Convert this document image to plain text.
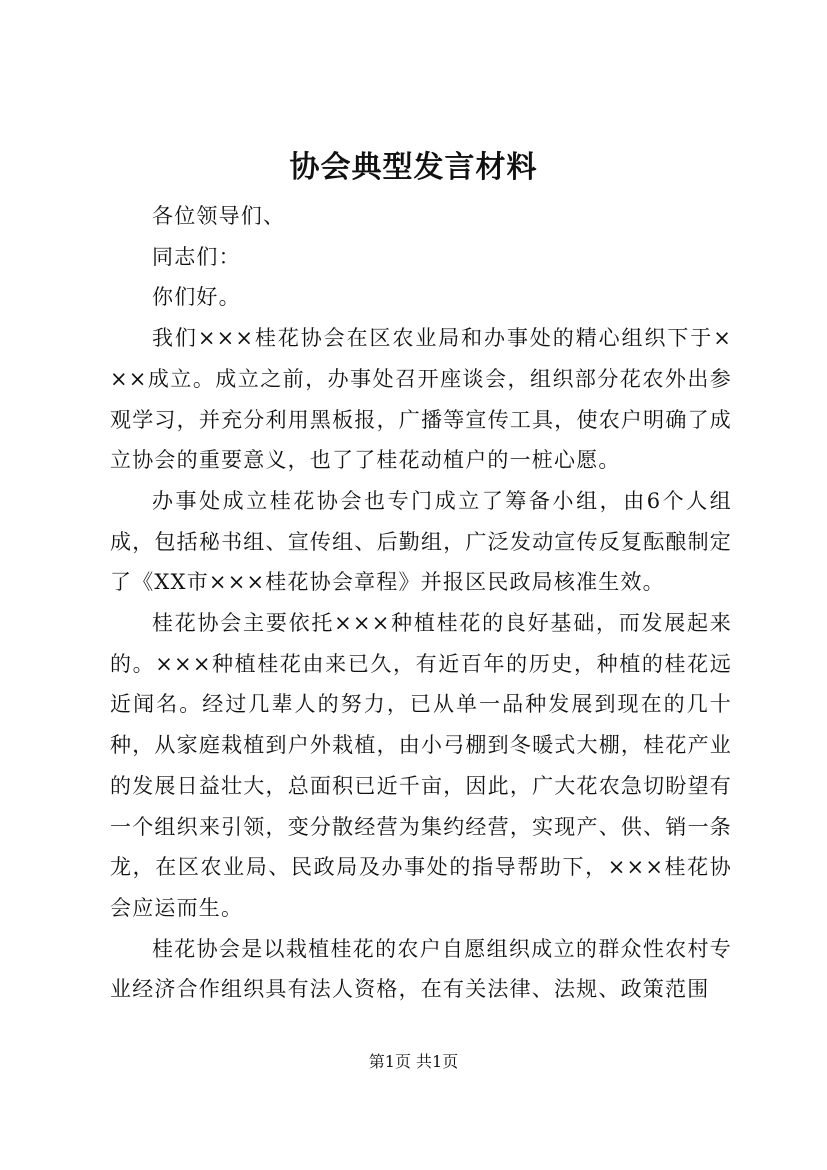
协会典型发言材料

各位领导们、

同志们：

你们好。

我们×××桂花协会在区农业局和办事处的精心组织下于×××成立。成立之前，办事处召开座谈会，组织部分花农外出参观学习，并充分利用黑板报，广播等宣传工具，使农户明确了成立协会的重要意义，也了了桂花动植户的一桩心愿。

办事处成立桂花协会也专门成立了筹备小组，由6个人组成，包括秘书组、宣传组、后勤组，广泛发动宣传反复酝酿制定了《XX市×××桂花协会章程》并报区民政局核准生效。

桂花协会主要依托×××种植桂花的良好基础，而发展起来的。×××种植桂花由来已久，有近百年的历史，种植的桂花远近闻名。经过几辈人的努力，已从单一品种发展到现在的几十种，从家庭栽植到户外栽植，由小弓棚到冬暖式大棚，桂花产业的发展日益壮大，总面积已近千亩，因此，广大花农急切盼望有一个组织来引领，变分散经营为集约经营，实现产、供、销一条龙，在区农业局、民政局及办事处的指导帮助下，×××桂花协会应运而生。

桂花协会是以栽植桂花的农户自愿组织成立的群众性农村专业经济合作组织具有法人资格，在有关法律、法规、政策范围

第1页 共1页
